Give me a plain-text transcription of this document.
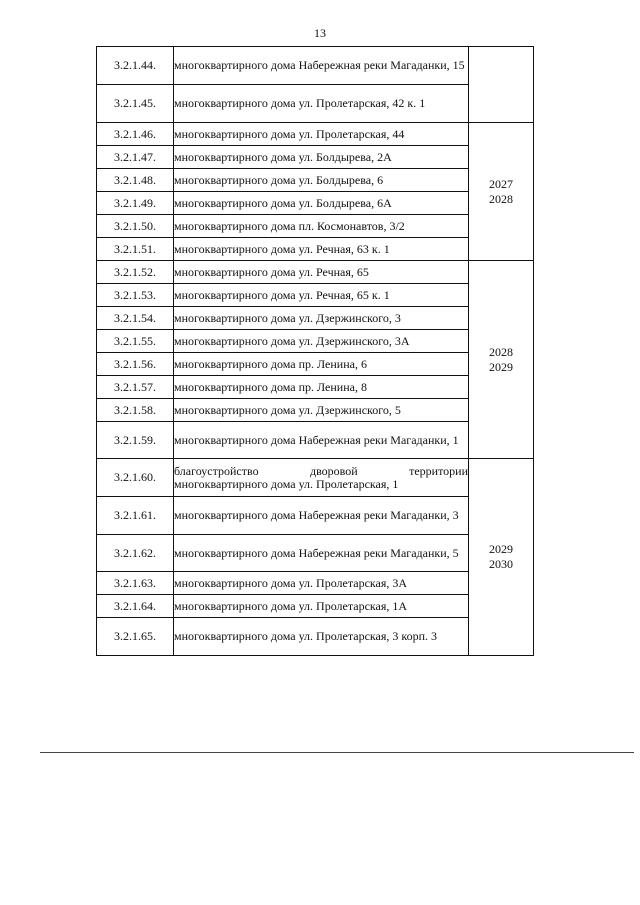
13
3.2.1.44.	многоквартирного дома Набережная реки Магаданки, 15	
3.2.1.45.	многоквартирного дома ул. Пролетарская, 42 к. 1	
3.2.1.46.	многоквартирного дома ул. Пролетарская, 44	2027
2028

3.2.1.47.	многоквартирного дома ул. Болдырева, 2А	
3.2.1.48.	многоквартирного дома ул. Болдырева, 6	
3.2.1.49.	многоквартирного дома ул. Болдырева, 6А	
3.2.1.50.	многоквартирного дома пл. Космонавтов, 3/2	
3.2.1.51.	многоквартирного дома ул. Речная, 63 к. 1	
3.2.1.52.	многоквартирного дома ул. Речная, 65	2028
2029

3.2.1.53.	многоквартирного дома ул. Речная, 65 к. 1	
3.2.1.54.	многоквартирного дома ул. Дзержинского, 3	
3.2.1.55.	многоквартирного дома ул. Дзержинского, 3А	
3.2.1.56.	многоквартирного дома пр. Ленина, 6	
3.2.1.57.	многоквартирного дома пр. Ленина, 8	
3.2.1.58.	многоквартирного дома ул. Дзержинского, 5	
3.2.1.59.	многоквартирного дома Набережная реки Магаданки, 1	
3.2.1.60.	благоустройство дворовой территории многоквартирного дома ул. Пролетарская, 1	2029
2030

3.2.1.61.	многоквартирного дома Набережная реки Магаданки, 3	
3.2.1.62.	многоквартирного дома Набережная реки Магаданки, 5	
3.2.1.63.	многоквартирного дома ул. Пролетарская, 3А	
3.2.1.64.	многоквартирного дома ул. Пролетарская, 1А	
3.2.1.65.	многоквартирного дома ул. Пролетарская, 3 корп. 3	
